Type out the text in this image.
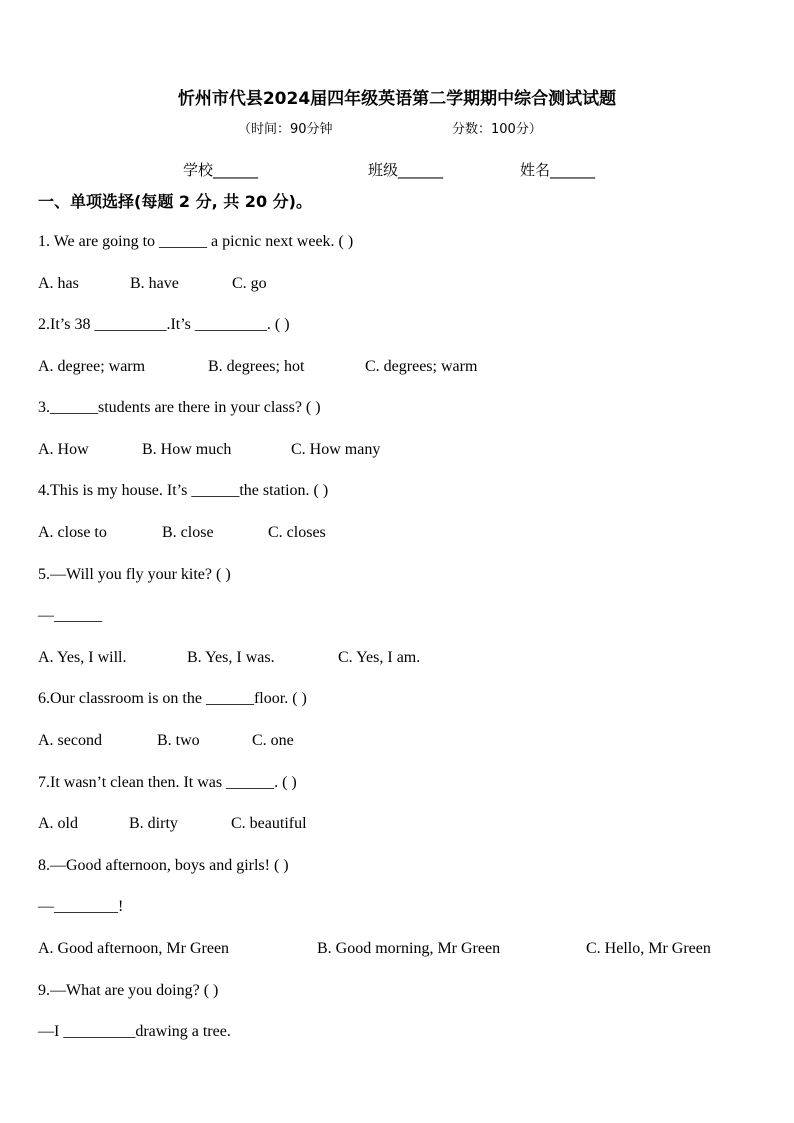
忻州市代县2024届四年级英语第二学期期中综合测试试题
（时间：90分钟	分数：100分）
学校______	班级______	姓名______
一、单项选择(每题 2 分, 共 20 分)。
1. We are going to ______ a picnic next week. ( )
A. has	B. have	C. go
2.It’s 38 _________.It’s _________. ( )
A. degree; warm	B. degrees; hot	C. degrees; warm
3.______students are there in your class? ( )
A. How	B. How much	C. How many
4.This is my house. It’s ______the station. ( )
A. close to	B. close	C. closes
5.—Will you fly your kite? ( )
—______
A. Yes, I will.	B. Yes, I was.	C. Yes, I am.
6.Our classroom is on the ______floor. ( )
A. second	B. two	C. one
7.It wasn’t clean then. It was ______. ( )
A. old	B. dirty	C. beautiful
8.—Good afternoon, boys and girls! ( )
—________!
A. Good afternoon, Mr Green	B. Good morning, Mr Green	C. Hello, Mr Green
9.—What are you doing? ( )
—I _________drawing a tree.
